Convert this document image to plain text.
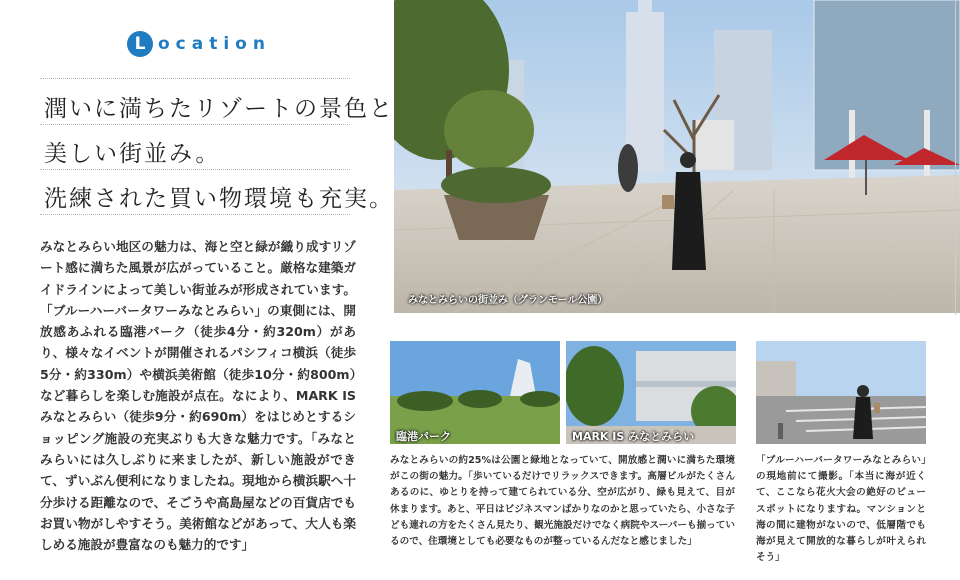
L ocation
潤いに満ちたリゾートの景色と
美しい街並み。
洗練された買い物環境も充実。
みなとみらい地区の魅力は、海と空と緑が織り成すリゾート感に満ちた風景が広がっていること。厳格な建築ガイドラインによって美しい街並みが形成されています。「ブルーハーバータワーみなとみらい」の東側には、開放感あふれる臨港パーク（徒歩4分・約320m）があり、様々なイベントが開催されるパシフィコ横浜（徒歩5分・約330m）や横浜美術館（徒歩10分・約800m）など暮らしを楽しむ施設が点在。なにより、MARK IS みなとみらい（徒歩9分・約690m）をはじめとするショッピング施設の充実ぶりも大きな魅力です。「みなとみらいには久しぶりに来ましたが、新しい施設ができて、ずいぶん便利になりましたね。現地から横浜駅へ十分歩ける距離なので、そごうや高島屋などの百貨店でもお買い物がしやすそう。美術館などがあって、大人も楽しめる施設が豊富なのも魅力的です」
みなとみらいの街並み（グランモール公園）
臨港パーク	MARK IS みなとみらい
みなとみらいの約25%は公園と緑地となっていて、開放感と潤いに満ちた環境がこの街の魅力。「歩いているだけでリラックスできます。高層ビルがたくさんあるのに、ゆとりを持って建てられている分、空が広がり、緑も見えて、目が休まります。あと、平日はビジネスマンばかりなのかと思っていたら、小さな子ども連れの方をたくさん見たり、観光施設だけでなく病院やスーパーも揃っているので、住環境としても必要なものが整っているんだなと感じました」
「ブルーハーバータワーみなとみらい」の現地前にて撮影。「本当に海が近くて、ここなら花火大会の絶好のビュースポットになりますね。マンションと海の間に建物がないので、低層階でも海が見えて開放的な暮らしが叶えられそう」
